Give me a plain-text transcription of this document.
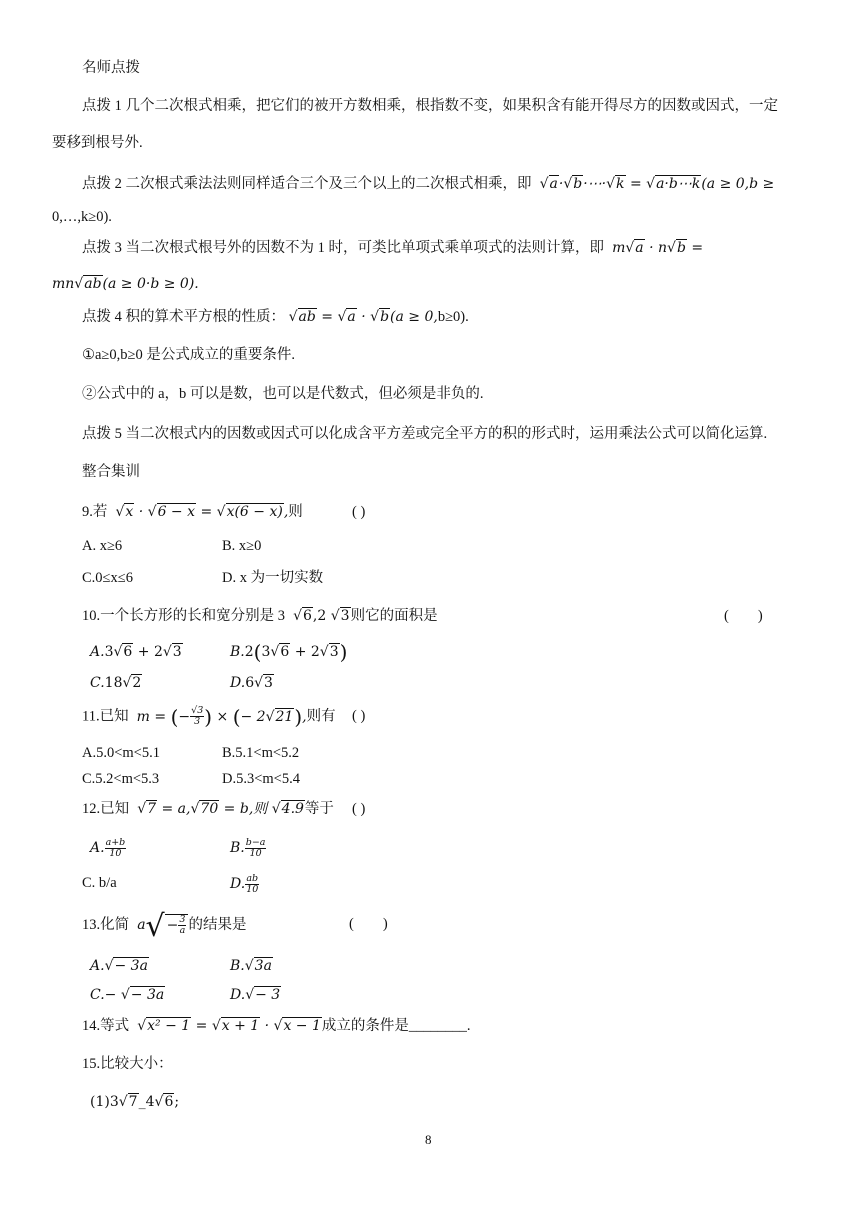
名师点拨
点拨 1 几个二次根式相乘，把它们的被开方数相乘，根指数不变，如果积含有能开得尽方的因数或因式，一定
要移到根号外.
点拨 2 二次根式乘法法则同样适合三个及三个以上的二次根式相乘，即 √a·√b·⋯·√k = √a·b⋯k(a ≥ 0,b ≥
0,…,k≥0).
点拨 3 当二次根式根号外的因数不为 1 时，可类比单项式乘单项式的法则计算，即  m√a · n√b =
mn√ab(a ≥ 0·b ≥ 0).
点拨 4 积的算术平方根的性质： √ab = √a · √b(a ≥ 0,b≥0).
①a≥0,b≥0 是公式成立的重要条件.
②公式中的 a，b 可以是数，也可以是代数式，但必须是非负的.
点拨 5 当二次根式内的因数或因式可以化成含平方差或完全平方的积的形式时，运用乘法公式可以简化运算.
整合集训
9.若 √x · √6 − x = √x(6 − x),则	( )
A. x≥6	B. x≥0
C.0≤x≤6	D. x 为一切实数
10.一个长方形的长和宽分别是 3 √6,2 √3则它的面积是	(　　)
A.3√6 + 2√3	B.2(3√6 + 2√3)
C.18√2	D.6√3
11.已知  m = (− $\frac{√3}{3}$ ) × (− 2√21),则有 ( )
A.5.0<m<5.1	B.5.1<m<5.2
C.5.2<m<5.3	D.5.3<m<5.4
12.已知 √7 = a,√70 = b,则 √4.9等于 ( )
A. $\frac{a+b}{10}$	B. $\frac{b-a}{10}$
C. b/a	D. $\frac{ab}{10}$
13.化简  $a√ - \frac{3}{a}$ 的结果是	(　　)
A.√− 3a	B.√3a
C.− √− 3a	D.√− 3
14.等式 √x² − 1 = √x + 1 · √x − 1成立的条件是________.
15.比较大小：
(1)3√7_4√6;
8
